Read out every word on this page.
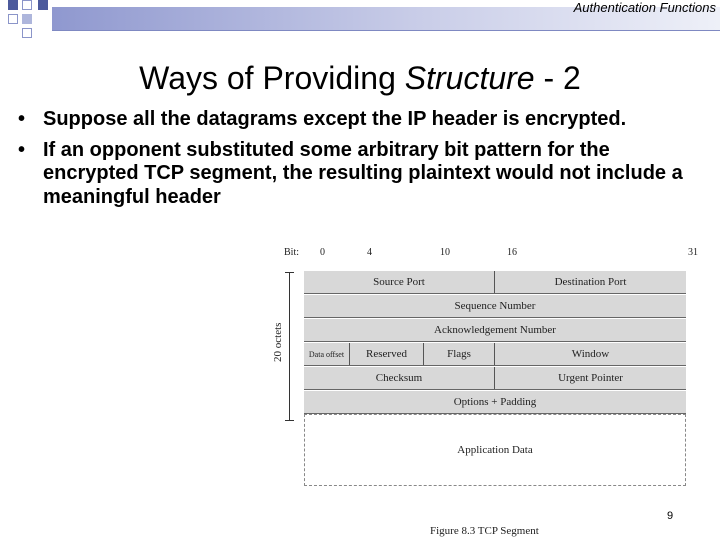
Authentication Functions
Ways of Providing Structure - 2
• Suppose all the datagrams except the IP header is encrypted.
• If an opponent substituted some arbitrary bit pattern for the encrypted TCP segment, the resulting plaintext would not include a meaningful header
Bit: 0	4	10	16	31
20 octets
Source Port	Destination Port
Sequence Number
Acknowledgement Number
Data offset	Reserved	Flags	Window
Checksum	Urgent Pointer
Options + Padding
Application Data
Figure 8.3 TCP Segment
9
